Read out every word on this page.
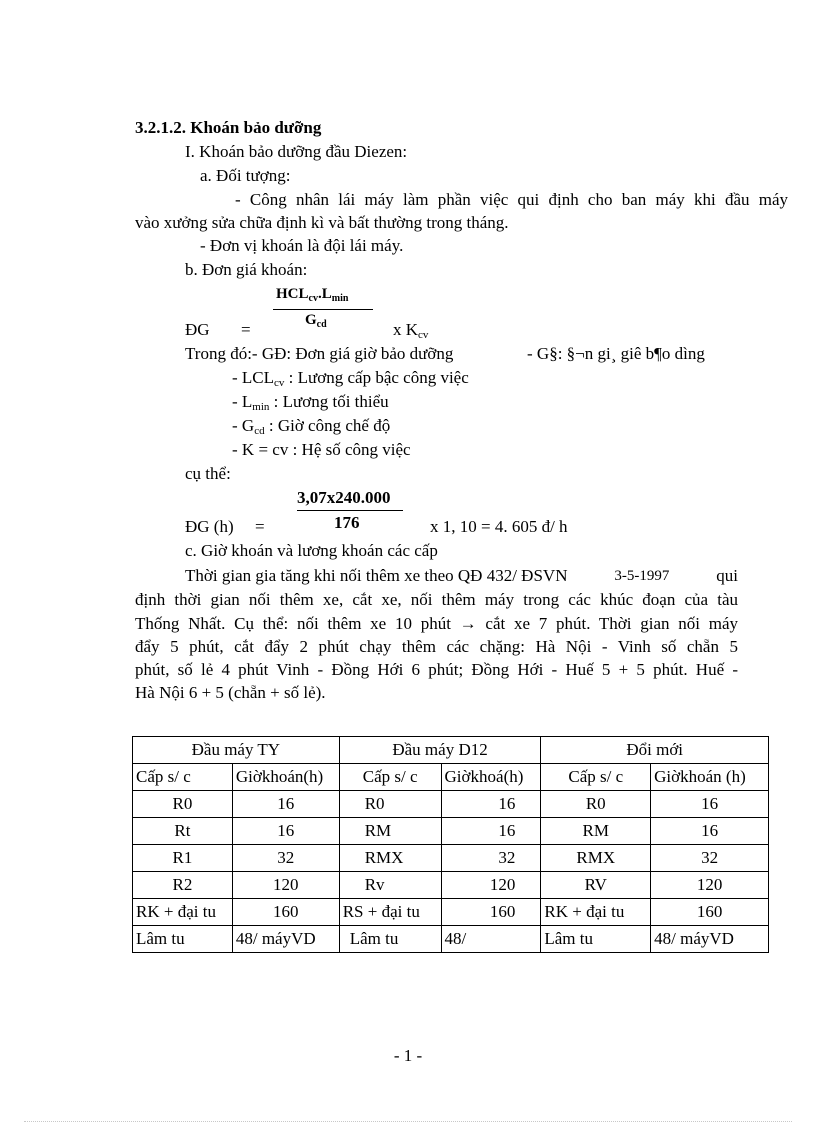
3.2.1.2. Khoán bảo dưỡng
I. Khoán bảo dưỡng đầu Diezen:
a. Đối tượng:
- Công nhân lái máy làm phần việc qui định cho ban máy khi đầu máy
vào xưởng sửa chữa định kì và bất thường trong tháng.
- Đơn vị khoán là đội lái máy.
b. Đơn giá khoán:
$HCL_{cv}.L_{min}$
$G_{cd}$
ĐG =	x $K_{cv}$
Trong đó:- GĐ: Đơn giá giờ bảo dưỡng	- G§: §¬n gi¸ giê b¶o dìng
- $LCL_{cv}$ : Lương cấp bậc công việc
- $L_{min}$ : Lương tối thiểu
- $G_{cd}$ : Giờ công chế độ
- K = cv : Hệ số công việc
cụ thể:
3,07x240.000
176
ĐG (h) =	x 1, 10 = 4. 605 đ/ h
c. Giờ khoán và lương khoán các cấp
Thời gian gia tăng khi nối thêm xe theo QĐ 432/ ĐSVN	3-5-1997	qui
định thời gian nối thêm xe, cắt xe, nối thêm máy trong các khúc đoạn của tàu
Thống Nhất. Cụ thể: nối thêm xe 10 phút → cắt xe 7 phút. Thời gian nối máy
đẩy 5 phút, cắt đẩy 2 phút chạy thêm các chặng: Hà Nội - Vinh số chẵn 5
phút, số lẻ 4 phút Vinh - Đồng Hới 6 phút; Đồng Hới - Huế 5 + 5 phút. Huế -
Hà Nội 6 + 5 (chẵn + số lẻ).
Đầu máy TY		Đầu máy D12		Đổi mới	
Cấp s/ c	Giờkhoán(h)	Cấp s/ c	Giờkhoá(h)	Cấp s/ c	Giờkhoán (h)
R0	16	R0	16	R0	16
Rt	16	RM	16	RM	16
R1	32	RMX	32	RMX	32
R2	120	Rv	120	RV	120
RK + đại tu	160	RS + đại tu	160	RK + đại tu	160
Lâm tu	48/ máyVD	Lâm tu	48/	Lâm tu	48/ máyVD
- 1 -
